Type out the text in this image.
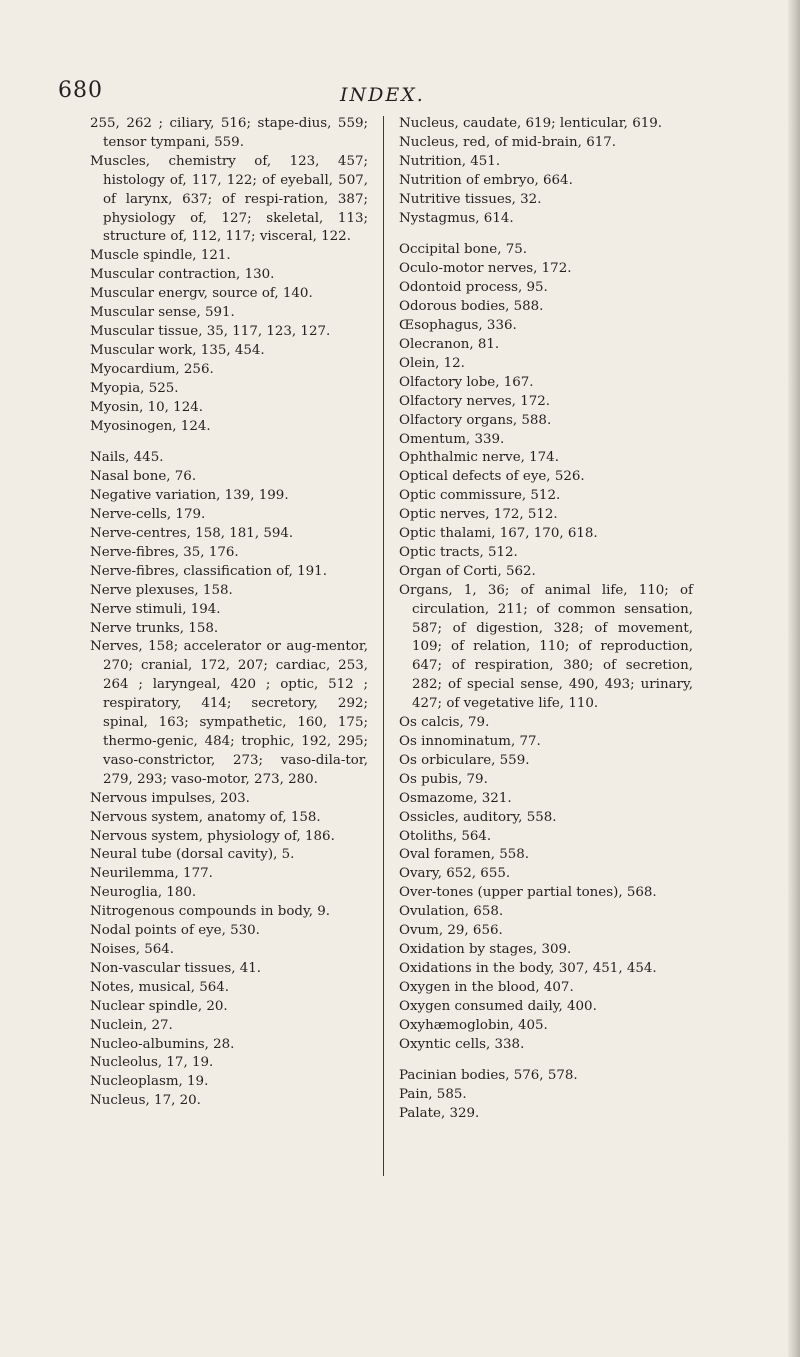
680	INDEX.
255, 262 ; ciliary, 516; stape-dius, 559; tensor tympani, 559.
Muscles, chemistry of, 123, 457; histology of, 117, 122; of eyeball, 507, of larynx, 637; of respi-ration, 387; physiology of, 127; skeletal, 113; structure of, 112, 117; visceral, 122.
Muscle spindle, 121.
Muscular contraction, 130.
Muscular energv, source of, 140.
Muscular sense, 591.
Muscular tissue, 35, 117, 123, 127.
Muscular work, 135, 454.
Myocardium, 256.
Myopia, 525.
Myosin, 10, 124.
Myosinogen, 124.
Nails, 445.
Nasal bone, 76.
Negative variation, 139, 199.
Nerve-cells, 179.
Nerve-centres, 158, 181, 594.
Nerve-fibres, 35, 176.
Nerve-fibres, classification of, 191.
Nerve plexuses, 158.
Nerve stimuli, 194.
Nerve trunks, 158.
Nerves, 158; accelerator or aug-mentor, 270; cranial, 172, 207; cardiac, 253, 264 ; laryngeal, 420 ; optic, 512 ; respiratory, 414; secretory, 292; spinal, 163; sympathetic, 160, 175; thermo-genic, 484; trophic, 192, 295; vaso-constrictor, 273; vaso-dila-tor, 279, 293; vaso-motor, 273, 280.
Nervous impulses, 203.
Nervous system, anatomy of, 158.
Nervous system, physiology of, 186.
Neural tube (dorsal cavity), 5.
Neurilemma, 177.
Neuroglia, 180.
Nitrogenous compounds in body, 9.
Nodal points of eye, 530.
Noises, 564.
Non-vascular tissues, 41.
Notes, musical, 564.
Nuclear spindle, 20.
Nuclein, 27.
Nucleo-albumins, 28.
Nucleolus, 17, 19.
Nucleoplasm, 19.
Nucleus, 17, 20.
Nucleus, caudate, 619; lenticular, 619.
Nucleus, red, of mid-brain, 617.
Nutrition, 451.
Nutrition of embryo, 664.
Nutritive tissues, 32.
Nystagmus, 614.
Occipital bone, 75.
Oculo-motor nerves, 172.
Odontoid process, 95.
Odorous bodies, 588.
Œsophagus, 336.
Olecranon, 81.
Olein, 12.
Olfactory lobe, 167.
Olfactory nerves, 172.
Olfactory organs, 588.
Omentum, 339.
Ophthalmic nerve, 174.
Optical defects of eye, 526.
Optic commissure, 512.
Optic nerves, 172, 512.
Optic thalami, 167, 170, 618.
Optic tracts, 512.
Organ of Corti, 562.
Organs, 1, 36; of animal life, 110; of circulation, 211; of common sensation, 587; of digestion, 328; of movement, 109; of relation, 110; of reproduction, 647; of respiration, 380; of secretion, 282; of special sense, 490, 493; urinary, 427; of vegetative life, 110.
Os calcis, 79.
Os innominatum, 77.
Os orbiculare, 559.
Os pubis, 79.
Osmazome, 321.
Ossicles, auditory, 558.
Otoliths, 564.
Oval foramen, 558.
Ovary, 652, 655.
Over-tones (upper partial tones), 568.
Ovulation, 658.
Ovum, 29, 656.
Oxidation by stages, 309.
Oxidations in the body, 307, 451, 454.
Oxygen in the blood, 407.
Oxygen consumed daily, 400.
Oxyhæmoglobin, 405.
Oxyntic cells, 338.
Pacinian bodies, 576, 578.
Pain, 585.
Palate, 329.
